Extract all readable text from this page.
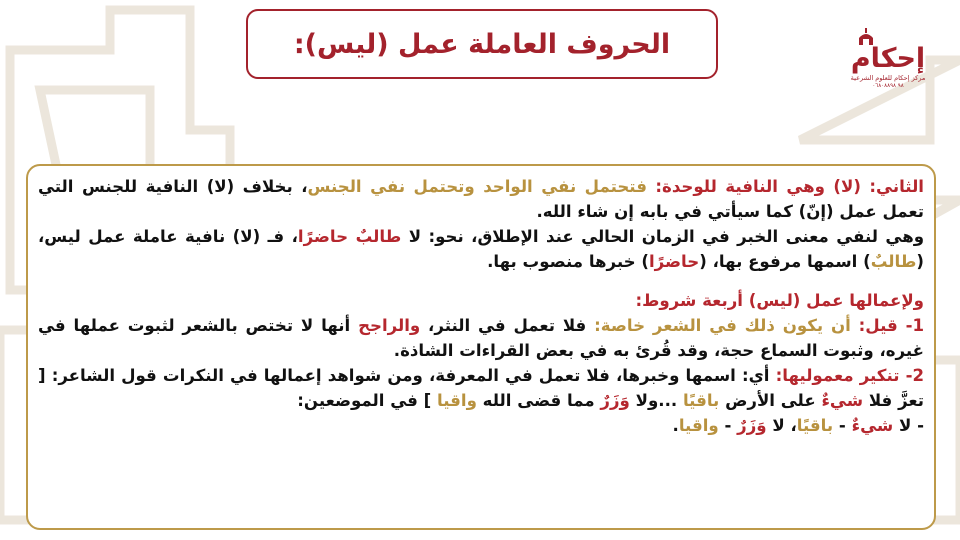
الحروف العاملة عمل (ليس):	إحكام
مركز إحكام للعلوم الشرعية
٩٨ ٠٦٨٠٨٨٩٨

الثاني: (لا) وهي النافية للوحدة: فتحتمل نفي الواحد وتحتمل نفي الجنس، بخلاف (لا) النافية للجنس التي تعمل عمل (إنّ) كما سيأتي في بابه إن شاء الله.

وهي لنفي معنى الخبر في الزمان الحالي عند الإطلاق، نحو: لا طالبٌ حاضرًا، فـ (لا) نافية عاملة عمل ليس، (طالبٌ) اسمها مرفوع بها، (حاضرًا) خبرها منصوب بها.

ولإعمالها عمل (ليس) أربعة شروط:

1- قيل: أن يكون ذلك في الشعر خاصة: فلا تعمل في النثر، والراجح أنها لا تختص بالشعر لثبوت عملها في غيره، وثبوت السماع حجة، وقد قُرئ به في بعض القراءات الشاذة.

2- تنكير معموليها: أي: اسمها وخبرها، فلا تعمل في المعرفة، ومن شواهد إعمالها في النكرات قول الشاعر: [ تعزَّ فلا شيءٌ على الأرض باقيًا ...ولا وَزَرٌ مما قضى الله واقيا ] في الموضعين:

- لا شيءٌ - باقيًا، لا وَزَرٌ - واقيا.
